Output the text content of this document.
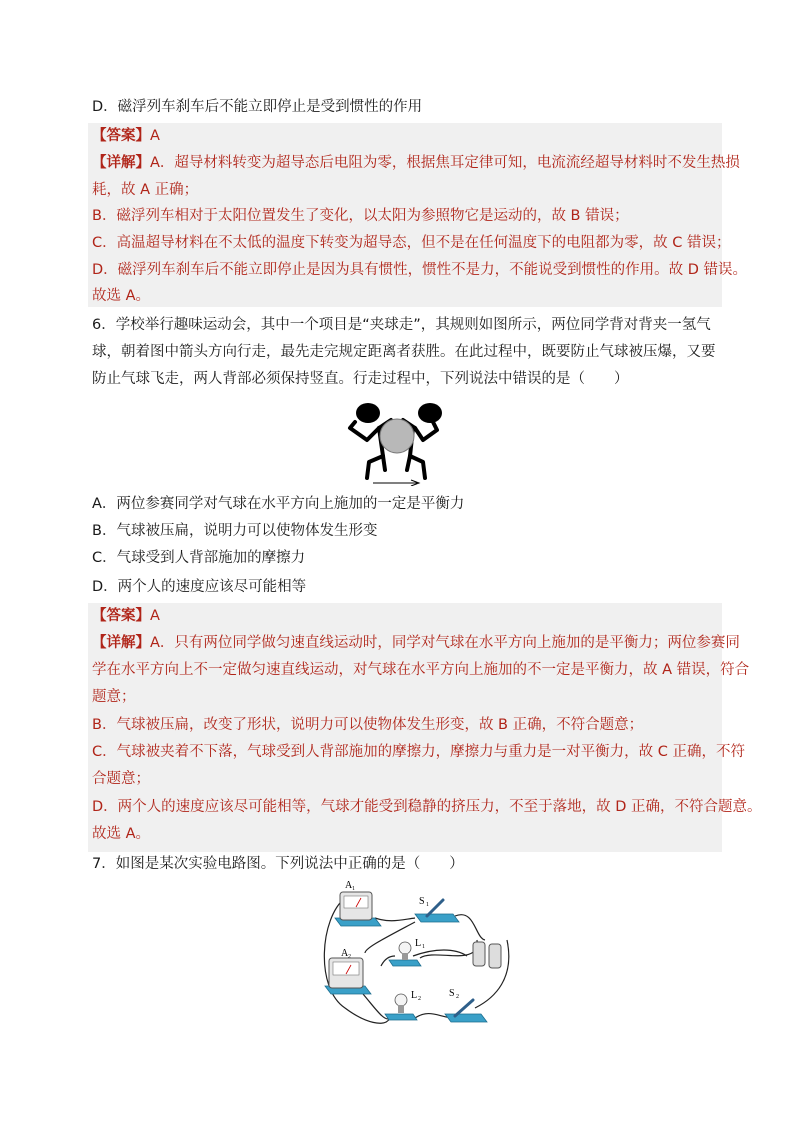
D．磁浮列车刹车后不能立即停止是受到惯性的作用
【答案】A
【详解】A．超导材料转变为超导态后电阻为零，根据焦耳定律可知，电流流经超导材料时不发生热损
耗，故 A 正确；
B．磁浮列车相对于太阳位置发生了变化，以太阳为参照物它是运动的，故 B 错误；
C．高温超导材料在不太低的温度下转变为超导态，但不是在任何温度下的电阻都为零，故 C 错误；
D．磁浮列车刹车后不能立即停止是因为具有惯性，惯性不是力，不能说受到惯性的作用。故 D 错误。
故选 A。
6．学校举行趣味运动会，其中一个项目是“夹球走”，其规则如图所示，两位同学背对背夹一氢气
球，朝着图中箭头方向行走，最先走完规定距离者获胜。在此过程中，既要防止气球被压爆，又要
防止气球飞走，两人背部必须保持竖直。行走过程中，下列说法中错误的是（　　）
A．两位参赛同学对气球在水平方向上施加的一定是平衡力
B．气球被压扁，说明力可以使物体发生形变
C．气球受到人背部施加的摩擦力
D．两个人的速度应该尽可能相等
【答案】A
【详解】A．只有两位同学做匀速直线运动时，同学对气球在水平方向上施加的是平衡力；两位参赛同
学在水平方向上不一定做匀速直线运动，对气球在水平方向上施加的不一定是平衡力，故 A 错误，符合
题意；
B．气球被压扁，改变了形状，说明力可以使物体发生形变，故 B 正确，不符合题意；
C．气球被夹着不下落，气球受到人背部施加的摩擦力，摩擦力与重力是一对平衡力，故 C 正确，不符
合题意；
D．两个人的速度应该尽可能相等，气球才能受到稳静的挤压力，不至于落地，故 D 正确，不符合题意。
故选 A。
7．如图是某次实验电路图。下列说法中正确的是（　　）
A 1
S 1
A 2
L 1
L 2	S 2
